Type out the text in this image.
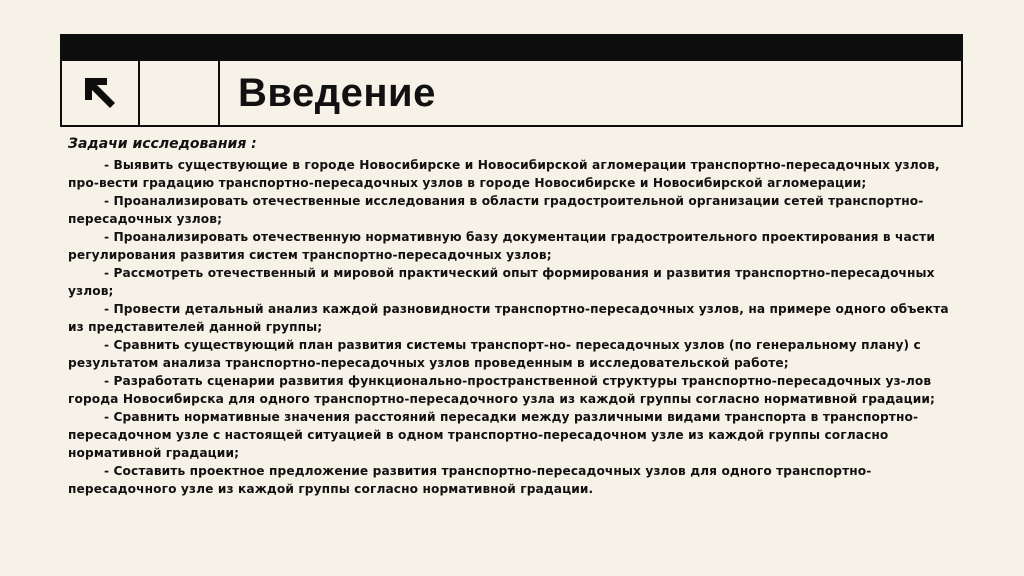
Введение
Задачи исследования :

- Выявить существующие в городе Новосибирске и Новосибирской агломерации транспортно-пересадочных узлов, про-вести градацию транспортно-пересадочных узлов в городе Новосибирске и Новосибирской агломерации;

- Проанализировать отечественные исследования в области градостроительной организации сетей транспортно-пересадочных узлов;

- Проанализировать отечественную нормативную базу документации градостроительного проектирования в части регулирования развития систем транспортно-пересадочных узлов;

- Рассмотреть отечественный и мировой практический опыт формирования и развития транспортно-пересадочных узлов;

- Провести детальный анализ каждой разновидности транспортно-пересадочных узлов, на примере одного объекта из представителей данной группы;

- Сравнить существующий план развития системы транспорт-но- пересадочных узлов (по генеральному плану) с результатом анализа транспортно-пересадочных узлов проведенным в исследовательской работе;

- Разработать сценарии развития функционально-пространственной структуры транспортно-пересадочных уз-лов города Новосибирска для одного транспортно-пересадочного узла из каждой группы согласно нормативной градации;

- Сравнить нормативные значения расстояний пересадки между различными видами транспорта в транспортно-пересадочном узле с настоящей ситуацией в одном транспортно-пересадочном узле из каждой группы согласно нормативной градации;

- Составить проектное предложение развития транспортно-пересадочных узлов для одного транспортно-пересадочного узле из каждой группы согласно нормативной градации.
